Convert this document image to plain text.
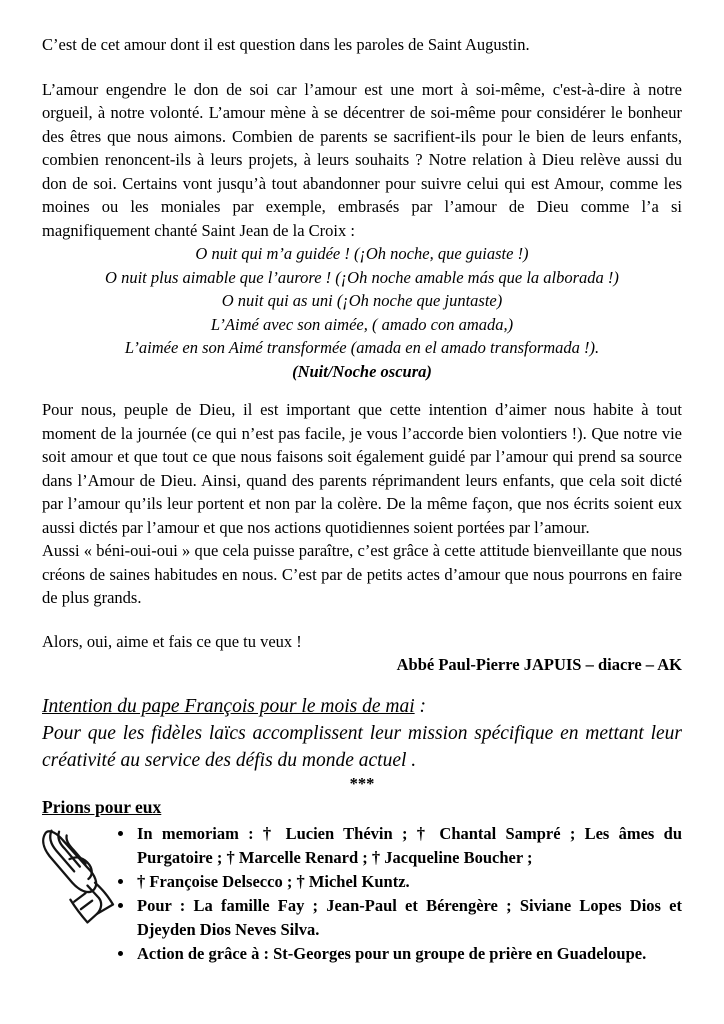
C’est de cet amour dont il est question dans les paroles de Saint Augustin.

L’amour engendre le don de soi car l’amour est une mort à soi-même, c'est-à-dire à notre orgueil, à notre volonté. L’amour mène à se décentrer de soi-même pour considérer le bonheur des êtres que nous aimons. Combien de parents se sacrifient-ils pour le bien de leurs enfants, combien renoncent-ils à leurs projets, à leurs souhaits ? Notre relation à Dieu relève aussi du don de soi. Certains vont jusqu’à tout abandonner pour suivre celui qui est Amour, comme les moines ou les moniales par exemple, embrasés par l’amour de Dieu comme l’a si magnifiquement chanté Saint Jean de la Croix :

O nuit qui m’a guidée ! (¡Oh noche, que guiaste !)
O nuit plus aimable que l’aurore ! (¡Oh noche amable más que la alborada !)
O nuit qui as uni (¡Oh noche que juntaste)
L’Aimé avec son aimée, ( amado con amada,)
L’aimée en son Aimé transformée (amada en el amado transformada !).
(Nuit/Noche oscura)

Pour nous, peuple de Dieu, il est important que cette intention d’aimer nous habite à tout moment de la journée (ce qui n’est pas facile, je vous l’accorde bien volontiers !). Que notre vie soit amour et que tout ce que nous faisons soit également guidé par l’amour qui prend sa source dans l’Amour de Dieu. Ainsi, quand des parents réprimandent leurs enfants, que cela soit dicté par l’amour qu’ils leur portent et non par la colère. De la même façon, que nos écrits soient eux aussi dictés par l’amour et que nos actions quotidiennes soient portées par l’amour.

Aussi « béni-oui-oui » que cela puisse paraître, c’est grâce à cette attitude bienveillante que nous créons de saines habitudes en nous. C’est par de petits actes d’amour que nous pourrons en faire de plus grands.

Alors, oui, aime et fais ce que tu veux !

Abbé Paul-Pierre JAPUIS – diacre – AK

Intention du pape François pour le mois de mai :

Pour que les fidèles laïcs accomplissent leur mission spécifique en mettant leur créativité au service des défis du monde actuel .

***
Prions pour eux
• In memoriam : † Lucien Thévin ; † Chantal Sampré ; Les âmes du Purgatoire ; † Marcelle Renard ; † Jacqueline Boucher ;
• † Françoise Delsecco ; † Michel Kuntz.
• Pour : La famille Fay ; Jean-Paul et Bérengère ; Siviane Lopes Dios et Djeyden Dios Neves Silva.
• Action de grâce à : St-Georges pour un groupe de prière en Guadeloupe.
